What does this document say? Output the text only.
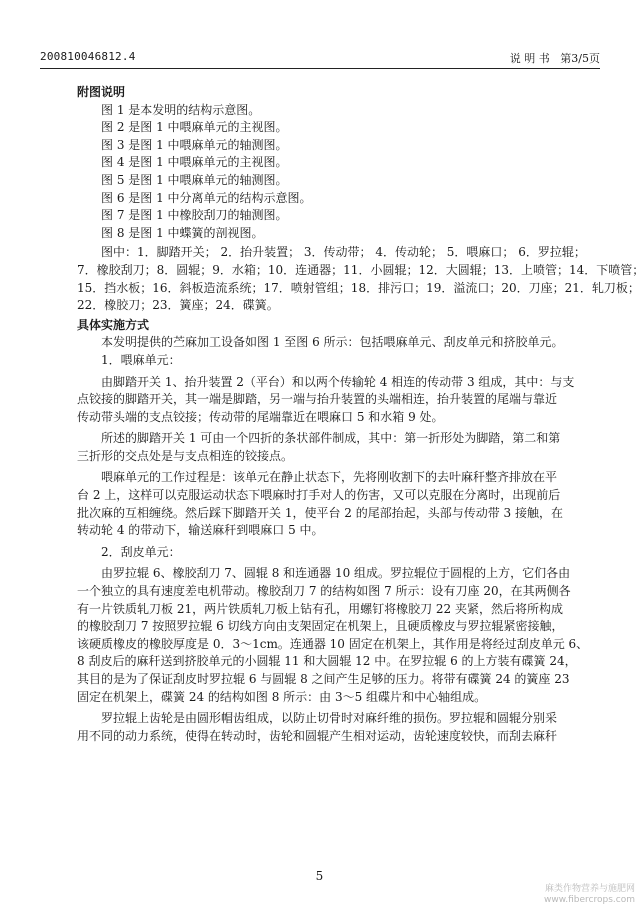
200810046812.4	说 明 书 第3/5页
附图说明
图 1 是本发明的结构示意图。
图 2 是图 1 中喂麻单元的主视图。
图 3 是图 1 中喂麻单元的轴测图。
图 4 是图 1 中喂麻单元的主视图。
图 5 是图 1 中喂麻单元的轴测图。
图 6 是图 1 中分离单元的结构示意图。
图 7 是图 1 中橡胶刮刀的轴测图。
图 8 是图 1 中蝶簧的剖视图。
图中：1．脚踏开关； 2．抬升装置； 3．传动带； 4．传动轮； 5．喂麻口； 6．罗拉辊；
7．橡胶刮刀；8．圆辊；9．水箱；10．连通器；11．小圆辊；12．大圆辊；13．上喷管；14．下喷管；
15．挡水板；16．斜板造流系统；17．喷射管组；18．排污口；19．溢流口；20．刀座；21．轧刀板；
22．橡胶刀；23．簧座；24．碟簧。
具体实施方式
本发明提供的苎麻加工设备如图 1 至图 6 所示：包括喂麻单元、刮皮单元和挤胶单元。
1．喂麻单元：
由脚踏开关 1、抬升装置 2（平台）和以两个传输轮 4 相连的传动带 3 组成，其中：与支
点铰接的脚踏开关，其一端是脚踏，另一端与抬升装置的头端相连，抬升装置的尾端与靠近
传动带头端的支点铰接；传动带的尾端靠近在喂麻口 5 和水箱 9 处。
所述的脚踏开关 1 可由一个四折的条状部件制成，其中：第一折形处为脚踏，第二和第
三折形的交点处是与支点相连的铰接点。
喂麻单元的工作过程是：该单元在静止状态下，先将刚收割下的去叶麻秆整齐排放在平
台 2 上，这样可以克服运动状态下喂麻时打手对人的伤害，又可以克服在分离时，出现前后
批次麻的互相缠绕。然后踩下脚踏开关 1，使平台 2 的尾部抬起，头部与传动带 3 接触，在
转动轮 4 的带动下，输送麻秆到喂麻口 5 中。
2．刮皮单元：
由罗拉辊 6、橡胶刮刀 7、圆辊 8 和连通器 10 组成。罗拉辊位于圆棍的上方，它们各由
一个独立的具有速度差电机带动。橡胶刮刀 7 的结构如图 7 所示：设有刀座 20，在其两侧各
有一片铁质轧刀板 21，两片铁质轧刀板上钻有孔，用螺钉将橡胶刀 22 夹紧，然后将所构成
的橡胶刮刀 7 按照罗拉辊 6 切线方向由支架固定在机架上，且硬质橡皮与罗拉辊紧密接触，
该硬质橡皮的橡胶厚度是 0．3～1cm。连通器 10 固定在机架上，其作用是将经过刮皮单元 6、
8 刮皮后的麻秆送到挤胶单元的小圆辊 11 和大圆辊 12 中。在罗拉辊 6 的上方装有碟簧 24，
其目的是为了保证刮皮时罗拉辊 6 与圆辊 8 之间产生足够的压力。将带有碟簧 24 的簧座 23
固定在机架上，碟簧 24 的结构如图 8 所示：由 3～5 组碟片和中心轴组成。
罗拉辊上齿轮是由圆形帽齿组成，以防止切骨时对麻纤维的损伤。罗拉辊和圆辊分别采
用不同的动力系统，使得在转动时，齿轮和圆辊产生相对运动，齿轮速度较快，而刮去麻秆
5
麻类作物营养与施肥网
www.fibercrops.com
